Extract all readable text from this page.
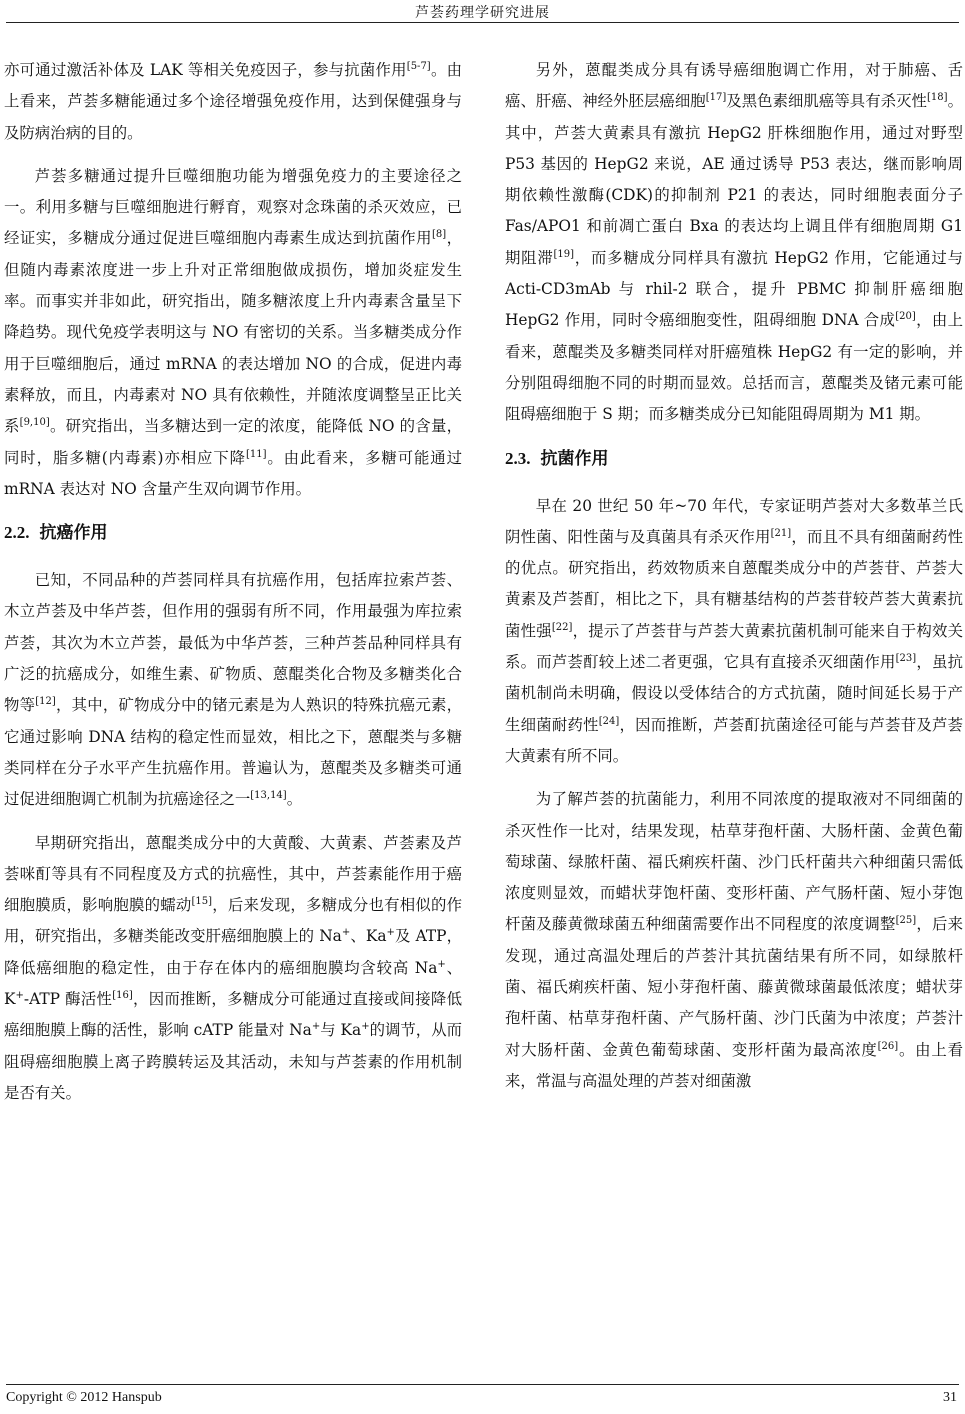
芦荟药理学研究进展

亦可通过激活补体及 LAK 等相关免疫因子，参与抗菌作用[5-7]。由上看来，芦荟多糖能通过多个途径增强免疫作用，达到保健强身与及防病治病的目的。

芦荟多糖通过提升巨噬细胞功能为增强免疫力的主要途径之一。利用多糖与巨噬细胞进行孵育，观察对念珠菌的杀灭效应，已经证实，多糖成分通过促进巨噬细胞内毒素生成达到抗菌作用[8]，但随内毒素浓度进一步上升对正常细胞做成损伤，增加炎症发生率。而事实并非如此，研究指出，随多糖浓度上升内毒素含量呈下降趋势。现代免疫学表明这与 NO 有密切的关系。当多糖类成分作用于巨噬细胞后，通过 mRNA 的表达增加 NO 的合成，促进内毒素释放，而且，内毒素对 NO 具有依赖性，并随浓度调整呈正比关系[9,10]。研究指出，当多糖达到一定的浓度，能降低 NO 的含量，同时，脂多糖(内毒素)亦相应下降[11]。由此看来，多糖可能通过 mRNA 表达对 NO 含量产生双向调节作用。

2.2. 抗癌作用

已知，不同品种的芦荟同样具有抗癌作用，包括库拉索芦荟、木立芦荟及中华芦荟，但作用的强弱有所不同，作用最强为库拉索芦荟，其次为木立芦荟，最低为中华芦荟，三种芦荟品种同样具有广泛的抗癌成分，如维生素、矿物质、蒽醌类化合物及多糖类化合物等[12]，其中，矿物成分中的锗元素是为人熟识的特殊抗癌元素，它通过影响 DNA 结构的稳定性而显效，相比之下，蒽醌类与多糖类同样在分子水平产生抗癌作用。普遍认为，蒽醌类及多糖类可通过促进细胞调亡机制为抗癌途径之一[13,14]。

早期研究指出，蒽醌类成分中的大黄酸、大黄素、芦荟素及芦荟咪酊等具有不同程度及方式的抗癌性，其中，芦荟素能作用于癌细胞膜质，影响胞膜的蠕动[15]，后来发现，多糖成分也有相似的作用，研究指出，多糖类能改变肝癌细胞膜上的 Na+、Ka+及 ATP，降低癌细胞的稳定性，由于存在体内的癌细胞膜均含较高 Na+、K+-ATP 酶活性[16]，因而推断，多糖成分可能通过直接或间接降低癌细胞膜上酶的活性，影响 cATP 能量对 Na+与 Ka+的调节，从而阻碍癌细胞膜上离子跨膜转运及其活动，未知与芦荟素的作用机制是否有关。

另外，蒽醌类成分具有诱导癌细胞调亡作用，对于肺癌、舌癌、肝癌、神经外胚层癌细胞[17]及黑色素细肌癌等具有杀灭性[18]。其中，芦荟大黄素具有激抗 HepG2 肝株细胞作用，通过对野型 P53 基因的 HepG2 来说，AE 通过诱导 P53 表达，继而影响周期依赖性激酶(CDK)的抑制剂 P21 的表达，同时细胞表面分子 Fas/APO1 和前凋亡蛋白 Bxa 的表达均上调且伴有细胞周期 G1 期阻滞[19]，而多糖成分同样具有激抗 HepG2 作用，它能通过与 Acti-CD3mAb 与 rhil-2 联合，提升 PBMC 抑制肝癌细胞 HepG2 作用，同时令癌细胞变性，阻碍细胞 DNA 合成[20]，由上看来，蒽醌类及多糖类同样对肝癌殖株 HepG2 有一定的影响，并分别阻碍细胞不同的时期而显效。总括而言，蒽醌类及锗元素可能阻碍癌细胞于 S 期；而多糖类成分已知能阻碍周期为 M1 期。

2.3. 抗菌作用

早在 20 世纪 50 年~70 年代，专家证明芦荟对大多数革兰氏阴性菌、阳性菌与及真菌具有杀灭作用[21]，而且不具有细菌耐药性的优点。研究指出，药效物质来自蒽醌类成分中的芦荟苷、芦荟大黄素及芦荟酊，相比之下，具有糖基结构的芦荟苷较芦荟大黄素抗菌性强[22]，提示了芦荟苷与芦荟大黄素抗菌机制可能来自于构效关系。而芦荟酊较上述二者更强，它具有直接杀灭细菌作用[23]，虽抗菌机制尚未明确，假设以受体结合的方式抗菌，随时间延长易于产生细菌耐药性[24]，因而推断，芦荟酊抗菌途径可能与芦荟苷及芦荟大黄素有所不同。

为了解芦荟的抗菌能力，利用不同浓度的提取液对不同细菌的杀灭性作一比对，结果发现，枯草芽孢杆菌、大肠杆菌、金黄色葡萄球菌、绿脓杆菌、福氏痢疾杆菌、沙门氏杆菌共六种细菌只需低浓度则显效，而蜡状芽饱杆菌、变形杆菌、产气肠杆菌、短小芽饱杆菌及藤黄微球菌五种细菌需要作出不同程度的浓度调整[25]，后来发现，通过高温处理后的芦荟汁其抗菌结果有所不同，如绿脓杆菌、福氏痢疾杆菌、短小芽孢杆菌、藤黄微球菌最低浓度；蜡状芽孢杆菌、枯草芽孢杆菌、产气肠杆菌、沙门氏菌为中浓度；芦荟汁对大肠杆菌、金黄色葡萄球菌、变形杆菌为最高浓度[26]。由上看来，常温与高温处理的芦荟对细菌激

Copyright © 2012 Hanspub	31
